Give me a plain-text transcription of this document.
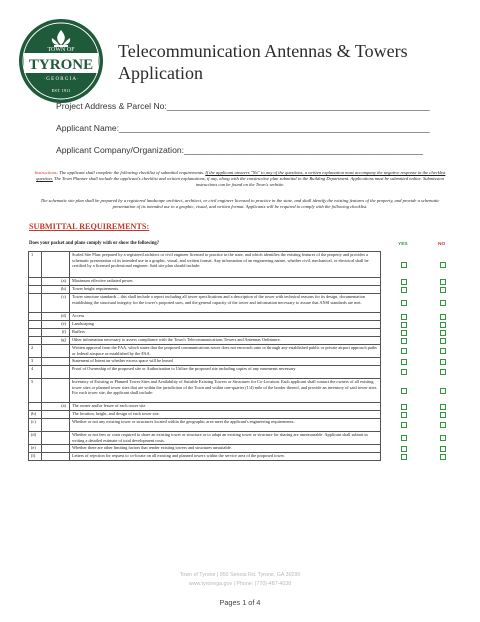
TOWN OF
TYRONE
· G E O R G I A ·
EST. 1911
Telecommunication Antennas & Towers
Application
Project Address & Parcel No:_______________________________________________________
Applicant Name:_________________________________________________________________
Instructions: The applicant shall complete the following checklist of submittal requirements. If the applicant answers "No" to any of the questions, a written explanation must accompany the negative response in the checklist question. The Town Planner shall include the applicant's checklist and written explanations, if any, along with the constructive plan submittal to the Building Department. Applications must be submitted online. Submission instructions can be found on the Town's website.
The schematic site plan shall be prepared by a registered landscape architect, architect, or civil engineer licensed to practice in the state, and shall identify the existing features of the property, and provide a schematic presentation of its intended use in a graphic, visual, and written format. Applicants will be required to comply with the following checklist.
SUBMITTAL REQUIREMENTS:
Does your packet and plans comply with or show the following?	YES	NO
1		Scaled Site Plan: prepared by a registered architect or civil engineer licensed to practice in the state, and which identifies the existing features of the property and provides a schematic presentation of its intended use in a graphic, visual, and written format. Any information of an engineering nature, whether civil, mechanical, or electrical shall be certified by a licensed professional engineer. Said site plan should include:
	(a)	Maximum effective radiated power.
	(b)	Tower height requirements.
	(c)	Tower structure standards – this shall include a report including all tower specifications and a description of the tower with technical reasons for its design, documentation establishing the structural integrity for the tower's proposed uses, and the general capacity of the tower and information necessary to assure that ANSI standards are met.
	(d)	Access
	(e)	Landscaping
	(f)	Buffers
	(g)	Other information necessary to assess compliance with the Town's Telecommunications Towers and Antennas Ordinance.
2		Written approval from the FAA, which states that the proposed communications tower does not encroach onto or through any established public or private airport approach paths or federal airspace as established by the FAA.
3		Statement of Intent on whether excess space will be leased
4		Proof of Ownership of the proposed site or Authorization to Utilize the proposed site including copies of any easements necessary
5		Inventory of Existing or Planned Tower Sites and Availability of Suitable Existing Towers or Structures for Co-Location. Each applicant shall contact the owners of all existing tower sites or planned tower sites that are within the jurisdiction of the Town and within one-quarter (1/4) mile of the border thereof, and provide an inventory of said tower sites. For each tower site, the applicant shall include:
	(a)	The owner and/or lessee of each tower site
(b)		The location, height, and design of each tower site.
(c)		Whether or not any existing tower or structures located within the geographic area meet the applicant's engineering requirements.
(d)		Whether or not fees or costs required to share an existing tower or structure or to adapt an existing tower or structure for sharing are unreasonable. Applicant shall submit in writing a detailed estimate of total development costs.
(e)		Whether there are other limiting factors that render existing towers and structures unsuitable.
(f)		Letters of rejection for request to co-locate on all existing and planned towers within the service area of the proposed tower.
Town of Tyrone | 950 Senoia Rd. Tyrone, GA 30290
www.tyronega.gov | Phone: (770)-487-4038
Pages 1 of 4
Applicant Company/Organization:__________________________________________________
